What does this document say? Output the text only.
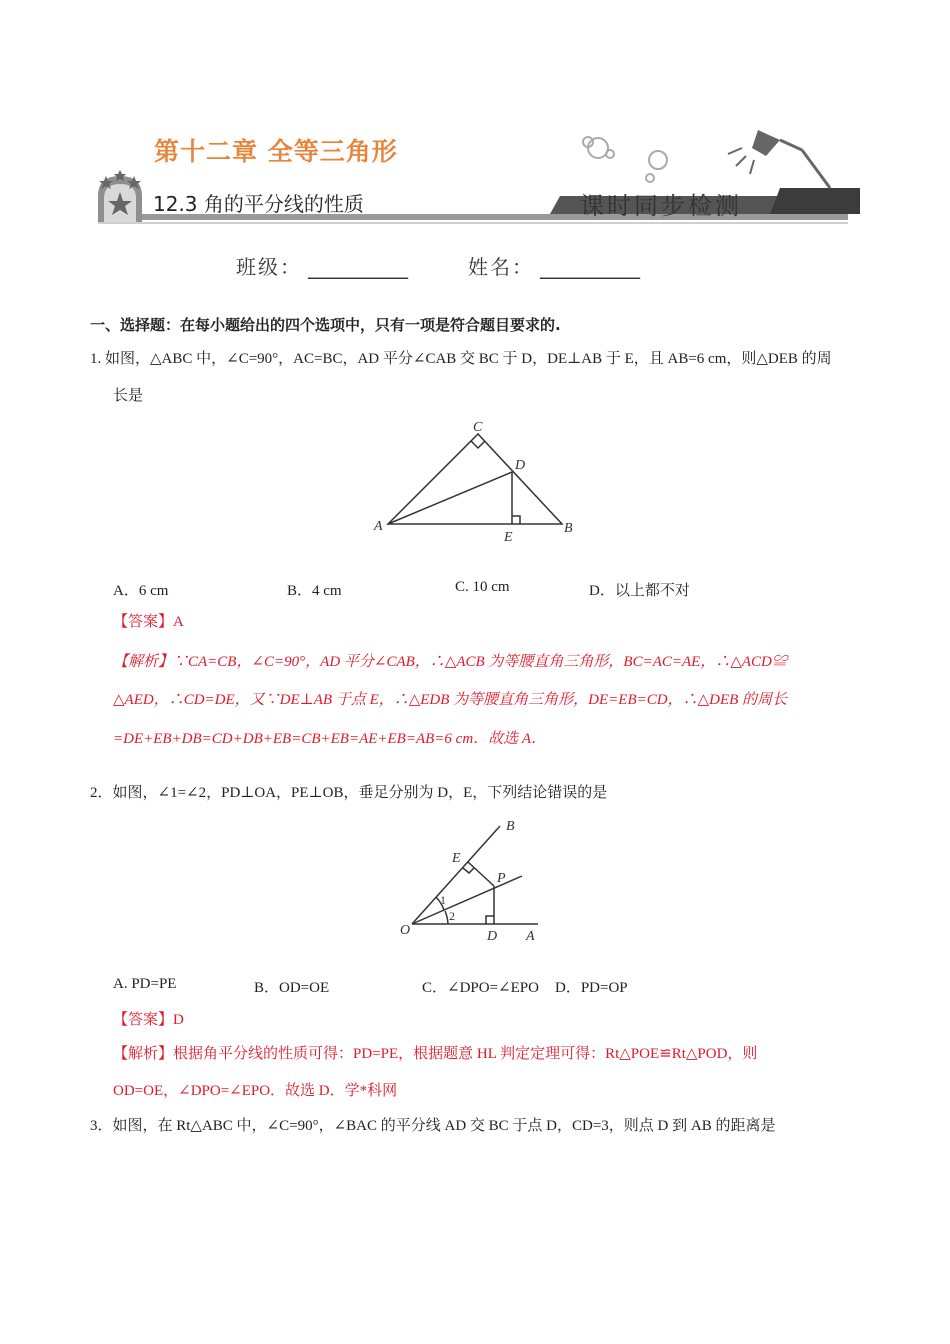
第十二章 全等三角形
12.3 角的平分线的性质	课时同步检测
班级： __________	姓名： __________
一、选择题：在每小题给出的四个选项中，只有一项是符合题目要求的.
1. 如图，△ABC 中，∠C=90°，AC=BC，AD 平分∠CAB 交 BC 于 D，DE⊥AB 于 E，且 AB=6 cm，则△DEB 的周
长是
A	B
C
D
E
A．6 cm	B．4 cm	C. 10 cm	D．以上都不对
【答案】A
【解析】∵CA=CB，∠C=90°，AD 平分∠CAB，∴△ACB 为等腰直角三角形，BC=AC=AE，∴△ACD≌
△AED，∴CD=DE，又∵DE⊥AB 于点 E，∴△EDB 为等腰直角三角形，DE=EB=CD，∴△DEB 的周长
=DE+EB+DB=CD+DB+EB=CB+EB=AE+EB=AB=6 cm．故选 A．
2．如图，∠1=∠2，PD⊥OA，PE⊥OB，垂足分别为 D，E，下列结论错误的是
O	A
B
D
E
P
1
2
A. PD=PE	B．OD=OE	C．∠DPO=∠EPO D．PD=OP
【答案】D
【解析】根据角平分线的性质可得：PD=PE，根据题意 HL 判定定理可得：Rt△POE≌Rt△POD，则
OD=OE，∠DPO=∠EPO．故选 D．学*科网
3．如图，在 Rt△ABC 中，∠C=90°，∠BAC 的平分线 AD 交 BC 于点 D，CD=3，则点 D 到 AB 的距离是
